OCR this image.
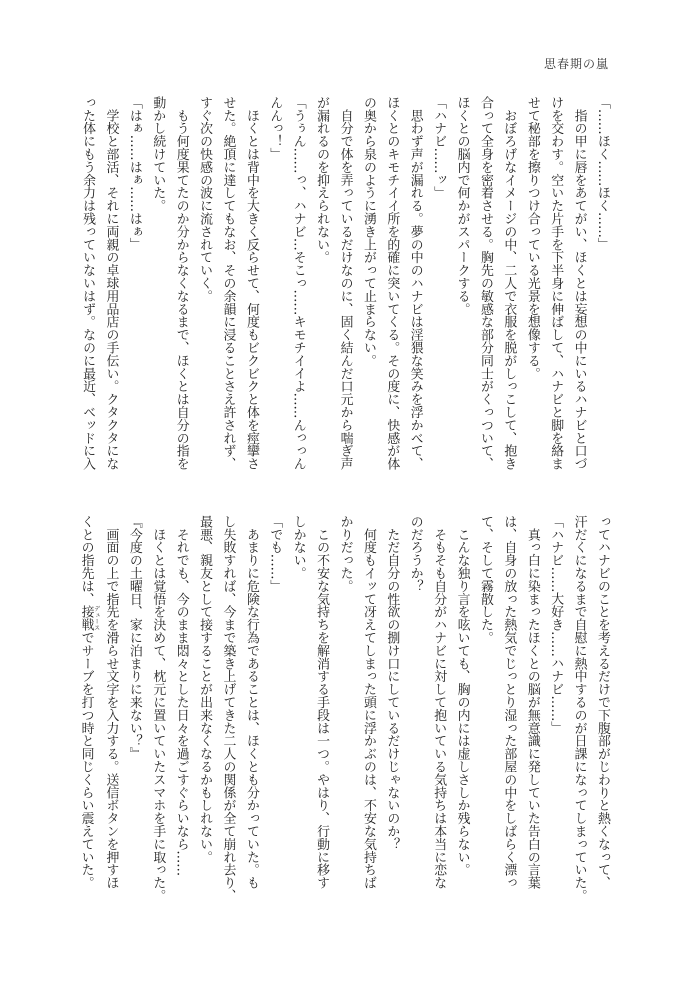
思春期の嵐
「……ほく……ほく……」
　指の甲に唇をあてがい、ほくとは妄想の中にいるハナビと口づ
けを交わす。空いた片手を下半身に伸ばして、ハナビと脚を絡ま
せて秘部を擦りつけ合っている光景を想像する。
　おぼろげなイメージの中、二人で衣服を脱がしっこして、抱き
合って全身を密着させる。胸先の敏感な部分同士がくっついて、
ほくとの脳内で何かがスパークする。
「ハナビ……ッ」
　思わず声が漏れる。夢の中のハナビは淫猥な笑みを浮かべて、
ほくとのキモチイイ所を的確に突いてくる。その度に、快感が体
の奥から泉のように湧き上がって止まらない。
　自分で体を弄っているだけなのに、固く結んだ口元から喘ぎ声
が漏れるのを抑えられない。
「うぅん……っ、ハナビ…そこっ……キモチイイよ……んっっん
んんっ！」
　ほくとは背中を大きく反らせて、何度もビクビクと体を痙攣さ
せた。絶頂に達してもなお、その余韻に浸ることさえ許されず、
すぐ次の快感の波に流されていく。
　もう何度果てたのか分からなくなるまで、ほくとは自分の指を
動かし続けていた。
「はぁ……はぁ……はぁ」
　学校と部活、それに両親の卓球用品店の手伝い。クタクタにな
った体にもう余力は残っていないはず。なのに最近、ベッドに入
ってハナビのことを考えるだけで下腹部がじわりと熱くなって、
汗だくになるまで自慰に熱中するのが日課になってしまっていた。
「ハナビ……大好き……ハナビ……」
　真っ白に染まったほくとの脳が無意識に発していた告白の言葉
は、自身の放った熱気でじっとり湿った部屋の中をしばらく漂っ
て、そして霧散した。
　こんな独り言を呟いても、胸の内には虚しさしか残らない。
　そもそも自分がハナビに対して抱いている気持ちは本当に恋な
のだろうか？
　ただ自分の性欲の捌け口にしているだけじゃないのか？
　何度もイッて冴えてしまった頭に浮かぶのは、不安な気持ちば
かりだった。
　この不安な気持ちを解消する手段は一つ。やはり、行動に移す
しかない。
「でも……」
　あまりに危険な行為であることは、ほくとも分かっていた。も
し失敗すれば、今まで築き上げてきた二人の関係が全て崩れ去り、
最悪、親友として接することが出来なくなるかもしれない。
　それでも、今のまま悶々とした日々を過ごすぐらいなら……
　ほくとは覚悟を決めて、枕元に置いていたスマホを手に取った。
『今度の土曜日、家に泊まりに来ない？』
　画面の上で指先を滑らせ文字を入力する。送信ボタンを押すほ
くとの指先は、接戦 デュースでサーブを打つ時と同じくらい震えていた。
